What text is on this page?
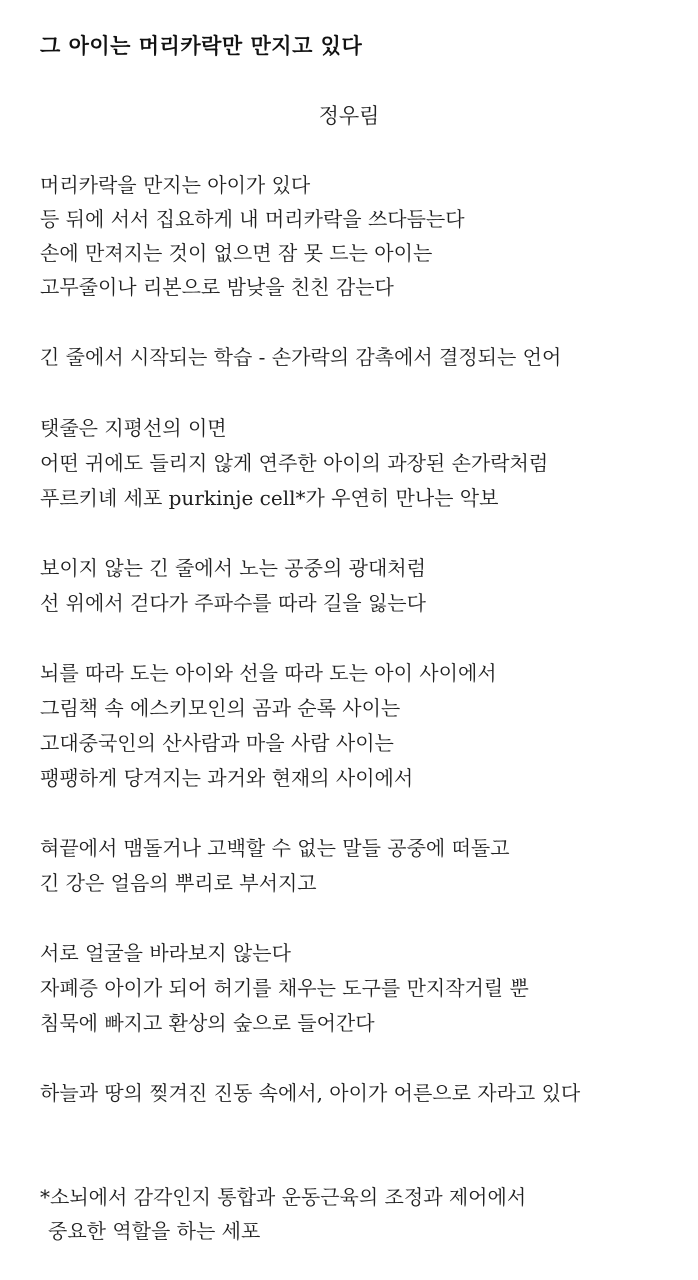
그 아이는 머리카락만 만지고 있다
정우림
머리카락을 만지는 아이가 있다
등 뒤에 서서 집요하게 내 머리카락을 쓰다듬는다
손에 만져지는 것이 없으면 잠 못 드는 아이는
고무줄이나 리본으로 밤낮을 친친 감는다
긴 줄에서 시작되는 학습 - 손가락의 감촉에서 결정되는 언어
탯줄은 지평선의 이면
어떤 귀에도 들리지 않게 연주한 아이의 과장된 손가락처럼
푸르키녜 세포 purkinje cell*가 우연히 만나는 악보
보이지 않는 긴 줄에서 노는 공중의 광대처럼
선 위에서 걷다가 주파수를 따라 길을 잃는다
뇌를 따라 도는 아이와 선을 따라 도는 아이 사이에서
그림책 속 에스키모인의 곰과 순록 사이는
고대중국인의 산사람과 마을 사람 사이는
팽팽하게 당겨지는 과거와 현재의 사이에서
혀끝에서 맴돌거나 고백할 수 없는 말들 공중에 떠돌고
긴 강은 얼음의 뿌리로 부서지고
서로 얼굴을 바라보지 않는다
자폐증 아이가 되어 허기를 채우는 도구를 만지작거릴 뿐
침묵에 빠지고 환상의 숲으로 들어간다
하늘과 땅의 찢겨진 진동 속에서, 아이가 어른으로 자라고 있다
*소뇌에서 감각인지 통합과 운동근육의 조정과 제어에서
중요한 역할을 하는 세포
